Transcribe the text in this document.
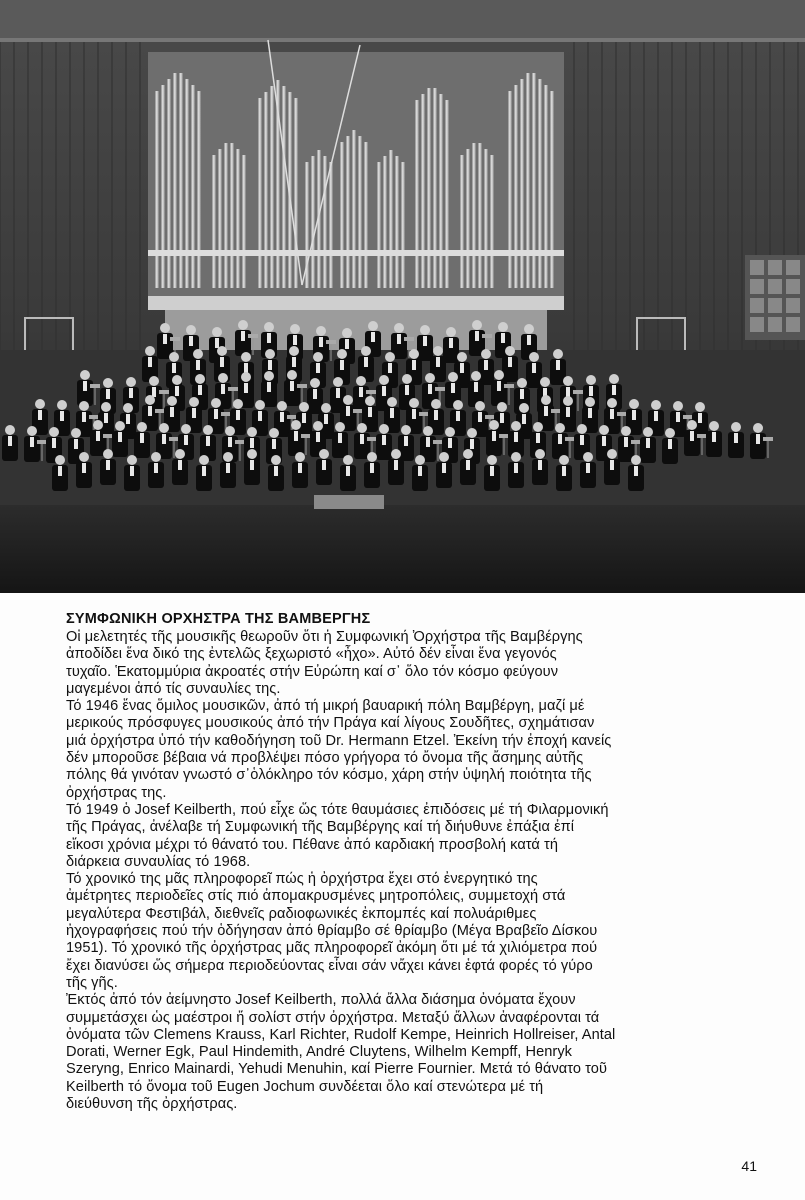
ΣΥΜΦΩΝΙΚΗ ΟΡΧΗΣΤΡΑ ΤΗΣ ΒΑΜΒΕΡΓΗΣ

Οἱ μελετητές τῆς μουσικῆς θεωροῦν ὅτι ἡ Συμφωνική Ὀρχήστρα τῆς Βαμβέργης
ἀποδίδει ἕνα δικό της ἐντελῶς ξεχωριστό «ἦχο». Αὐτό δέν εἶναι ἕνα γεγονός
τυχαῖο. Ἑκατομμύρια ἀκροατές στήν Εὐρώπη καί σ᾽ ὅλο τόν κόσμο φεύγουν
μαγεμένοι ἀπό τίς συναυλίες της.

Τό 1946 ἕνας ὅμιλος μουσικῶν, ἀπό τή μικρή βαυαρική πόλη Βαμβέργη, μαζί μέ
μερικούς πρόσφυγες μουσικούς ἀπό τήν Πράγα καί λίγους Σουδῆτες, σχημάτισαν
μιά ὀρχήστρα ὑπό τήν καθοδήγηση τοῦ Dr. Hermann Etzel. Ἐκείνη τήν ἐποχή κανείς
δέν μποροῦσε βέβαια νά προβλέψει πόσο γρήγορα τό ὄνομα τῆς ἄσημης αὐτῆς
πόλης θά γινόταν γνωστό σ᾽ὁλόκληρο τόν κόσμο, χάρη στήν ὑψηλή ποιότητα τῆς
ὀρχήστρας της.

Τό 1949 ὁ Josef Keilberth, πού εἶχε ὥς τότε θαυμάσιες ἐπιδόσεις μέ τή Φιλαρμονική
τῆς Πράγας, ἀνέλαβε τή Συμφωνική τῆς Βαμβέργης καί τή διήυθυνε ἐπάξια ἐπί
εἴκοσι χρόνια μέχρι τό θάνατό του. Πέθανε ἀπό καρδιακή προσβολή κατά τή
διάρκεια συναυλίας τό 1968.

Τό χρονικό της μᾶς πληροφορεῖ πώς ἡ ὀρχήστρα ἔχει στό ἐνεργητικό της
ἀμέτρητες περιοδεῖες στίς πιό ἀπομακρυσμένες μητροπόλεις, συμμετοχή στά
μεγαλύτερα Φεστιβάλ, διεθνεῖς ραδιοφωνικές ἐκπομπές καί πολυάριθμες
ἠχογραφήσεις πού τήν ὁδήγησαν ἀπό θρίαμβο σέ θρίαμβο (Μέγα Βραβεῖο Δίσκου
1951). Τό χρονικό τῆς ὀρχήστρας μᾶς πληροφορεῖ ἀκόμη ὅτι μέ τά χιλιόμετρα πού
ἔχει διανύσει ὥς σήμερα περιοδεύοντας εἶναι σάν νἄχει κάνει ἑφτά φορές τό γύρο
τῆς γῆς.

Ἐκτός ἀπό τόν ἀείμνηστο Josef Keilberth, πολλά ἄλλα διάσημα ὀνόματα ἔχουν
συμμετάσχει ὡς μαέστροι ἤ σολίστ στήν ὀρχήστρα. Μεταξύ ἄλλων ἀναφέρονται τά
ὀνόματα τῶν Clemens Krauss, Karl Richter, Rudolf Kempe, Heinrich Hollreiser, Antal
Dorati, Werner Egk, Paul Hindemith, André Cluytens, Wilhelm Kempff, Henryk
Szeryng, Enrico Mainardi, Yehudi Menuhin, καί Pierre Fournier. Μετά τό θάνατο τοῦ
Keilberth τό ὄνομα τοῦ Eugen Jochum συνδέεται ὅλο καί στενώτερα μέ τή
διεύθυνση τῆς ὀρχήστρας.

41
